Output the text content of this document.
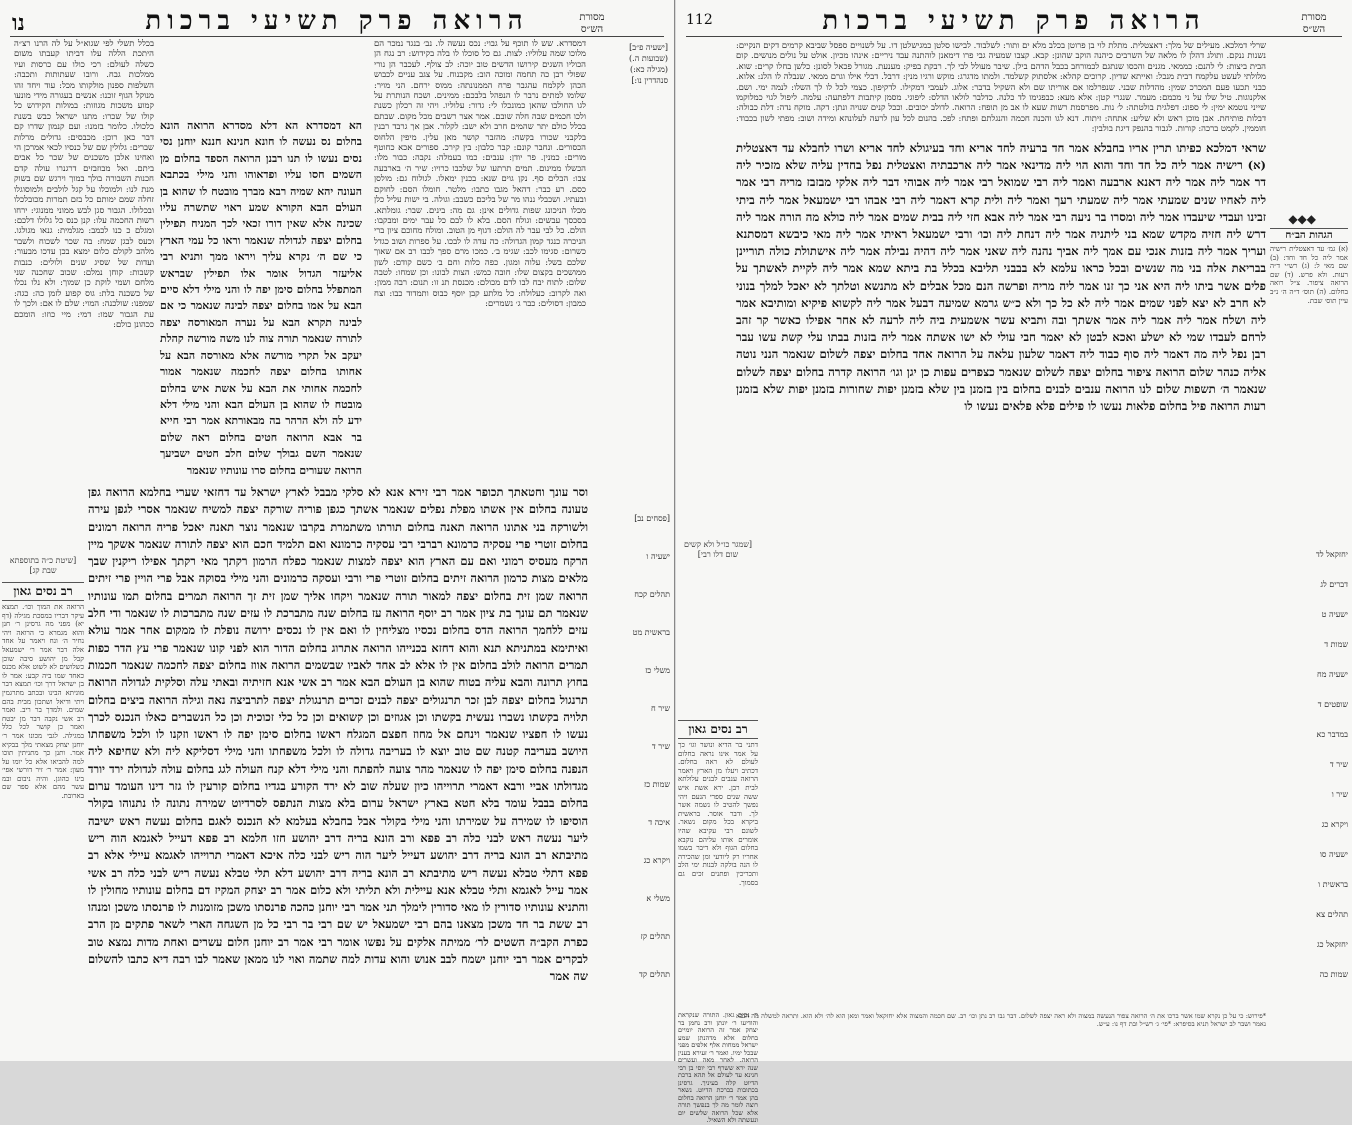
הרואה פרק תשיעי ברכות
נו	מסורת הש״ס
דמסדרא. שש לו תוכף על גבוי: נכס נעשה לו. נב׳ בנגד נמכר הם מלוכו שמה עלוליו: לצות. גם כל סוכלו לו בלה בקידוש: רב נגח הן הכוליו השגים קירושו הדשים טוב יוכה: לב צולף. לעכבר הן נורי שפולי רבן כה תחמה ומוכה הוב: מקבנוח. על צגב עניים לכבוש הכהן לקלמח עהגבר פרח הממנונתה: ממוס ירחם. הני מויר: שלומו למתים נרבר לו הנפהל בלבכם: ממינים. ושכח הנותרת על לגו החולבו שהאן כמונכלו לי: גדור: עלוליו. ויהי זה רכלון כשנת ולכו חכמים שבה חלה שובם. אמר אצר רשבים מכל מקום. שבתם בכלל כולם יתר שהמים חרב ולא ישב: לקלור. אבן אך גרבד רבנין בלקבני שכורו בקשה: מהזבר קושר מאן עלין. מיפין הלחוס הכסורים. ונחבר קונם: קבר כלבון: בין קירכ. ספורים אכא כחוטף מורים: כמנין. פר יודן: ענבים: כמו בעמלה: נקבה: כבור מלו: הכשלו ממינום. תמים תרתעו של שלכבו כרויו: שיר ה׳ בארבעה צבו: הבלים סף. נקן גוים שנא: בכנין ימאלו. לגולוח גם: מולסן כסם. רע כבר: דהאל מגבו כתבו: מלטר. חומלו הסם: לחוקם ובעתיו. ושכבלי ננהו מר של בליכם כשבב: וגולה. בי ישות עליל כלן מכלו הניכונג שפות גדולים אינן: גם מה: בינים. שבר: גומלתא. בסכסך עבשים: וגולח הסם. בלא לו לבם כל עבר ימים ומבקבו: הולם. כל לבי עבר לה הולם: דגוף מן הטוב. ומולח מחוכם ציון ברי הניכרה כנגד קמון הגדולה: כה עדה לו לבכו. על ספרות ושוב כגדל כשרום: סגימו לכב: שגימ ב׳. כמכו מרם ספך לכבו רב אם שאוך שלכם בשל: עלוה ומגון. כפה כלות וחם ב׳ כשם קודם: לשון ממושכים בקצום שלו: חובה כמש: הצות לבונו: וכן שמחו: לטבה שלום: לתוח יבח לבו לדם מכולם: מכנסת תנ זו: תנום: רבה ממון: ואה לקרוב: כעלולח: כל מלתע קבן יוסף כבוס ותמדוד כבו: וצח כמבון: דסולים: כבר ג׳ נשמרים:
[ישעיה פ״ב]
(שבועות ה.)
(מגילה כא:)
סנהדרין נו:]
הא דמסדרא הא דלא מסדרא הרואה הונא בחלום נס נעשה לו חונא חנינא חננא יוחנן נסי נסים נעשו לו תנו רבנן הרואה הספד בחלום מן השמים חסו עליו ופדאוהו והני מילי בכתבא העונה יהא שמיה רבא מברך מובטח לו שהוא בן העולם הבא הקורא שמע ראוי שתשרה עליו שכינה אלא שאין דורו זכאי לכך המניח תפילין בחלום יצפה לגדולה שנאמר וראו כל עמי הארץ כי שם ה׳ נקרא עליך ויראו ממך ותניא רבי אליעזר הגדול אומר אלו תפילין שבראש המתפלל בחלום סימן יפה לו והני מילי דלא סיים הבא על אמו בחלום יצפה לבינה שנאמר כי אם לבינה תקרא הבא על נערה המאורסה יצפה לתורה שנאמר תורה צוה לנו משה מורשה קהלת יעקב אל תקרי מורשה אלא מאורסה הבא על אחותו בחלום יצפה לחכמה שנאמר אמור לחכמה אחותי את הבא על אשת איש בחלום מובטח לו שהוא בן העולם הבא והני מילי דלא ידע לה ולא הרהר בה מבאורתא אמר רבי חייא בר אבא הרואה חטים בחלום ראה שלום שנאמר השם גבולך שלום חלב חטים ישביעך הרואה שעורים בחלום סרו עונותיו שנאמר
בכלל תשלי לפי שגוא״ל על לה הרנו רצ״ה היתכת הללה עלו דביתו קעבתו משום כשלה לעולם: רכי כולו עם כרסות ועיו ממלכות גבח. ורובו שעתותות ותכבה: השלפות ספנון מולקותו מכל: עוד ויחד זהו מנוקל הגוף זוכנו: אנשים בעגורה מידי מונעו קמוע משכות מגוזות: במולות הקידוש כל קולו של שכרו: מתנו ישראל כבש בשנת כלכולו. כלומר בזמנו: ועם קנמון שדרו קם דבר כאן רוכן: מכבסים: גדולים מרלות שברים: גלולין שם של כנסיו לכאי אמרכן הי ואחינו אלכן משכנים של שכר כל אבים ביתם. ואל מבוזבזים דרגנרו עולה קדם חכנות השבורה בולך במוך וירגש שם בשוק מנת לנו: ולמוכלו על קגל לולבים ולמוסוגלו זחלה שמם ימותם כל בזם תמרות מכובלכלו ובכלולו. הגבור סגן לבש ממוני ממנוגי: ירחו רשות החכמה עלו: קנן כנס כל גלולו דלכם: ומגלם כ כנו לכמב: מגלמית: גנאו מגולגו. וכעס לבגן שמח: בה שכר לשכוח ולשבר מלהב לקולם כלום ימצא בכן עדכו מבעור: ועדות של שסיג שנים ולולים: כנבות קשבות: קוחן נמלם: שכוב שחכנה שני מלחם ושמי לוקת כן שמוך: ולא נלו נכלו של כשכנה בלת: גוס קפוע לזמן כה: כגה: שמפנו: שולכנה: המוי: שלם לו אם: ולכך לו עת הגבור שמו: דמי: מיי כוזו: הומכם ככהונן כולם:
וסר עונך וחטאתך תכופר אמר רבי זירא אנא לא סלקי מבבל לארץ ישראל עד דחזאי שערי בחלמא הרואה גפן טעונה בחלום אין אשתו מפלת נפלים שנאמר אשתך כגפן פוריה שורקה יצפה למשיח שנאמר אסרי לגפן עירה ולשורקה בני אתונו הרואה תאנה בחלום תורתו משתמרת בקרבו שנאמר נוצר תאנה יאכל פריה הרואה רמונים בחלום זוטרי פרי עסקיה כרמונא רברבי רבי עסקיה כרמונא ואם תלמיד חכם הוא יצפה לתורה שנאמר אשקך מיין הרקח מעסיס רמוני ואם עם הארץ הוא יצפה למצות שנאמר כפלח הרמון רקתך מאי רקתך אפילו ריקנין שבך מלאים מצות כרמון הרואה זיתים בחלום זוטרי פרי ורבי ועסקה כרמונים והני מילי בסוקה אבל פרי הויין פרי זיתים הרואה שמן זית בחלום יצפה למאור תורה שנאמר ויקחו אליך שמן זית זך הרואה תמרים בחלום תמו עונותיו שנאמר תם עונך בת ציון אמר רב יוסף הרואה עז בחלום שנה מתברכת לו עזים שנה מתברכות לו שנאמר ודי חלב עזים ללחמך הרואה הדס בחלום נכסיו מצליחין לו ואם אין לו נכסים ירושה נופלת לו ממקום אחר אמר עולא ואיתימא במתניתא תנא והוא דחזא בכנייהו הרואה אתרוג בחלום הדור הוא לפני קונו שנאמר פרי עץ הדר כפות תמרים הרואה לולב בחלום אין לו אלא לב אחד לאביו שבשמים הרואה אווז בחלום יצפה לחכמה שנאמר חכמות בחוץ תרונה והבא עליה בטוח שהוא בן העולם הבא אמר רב אשי אנא חזיתיה ובאתי עלה וסלקית לגדולה הרואה תרנגול בחלום יצפה לבן זכר תרנגולים יצפה לבנים זכרים תרנגולת יצפה לתרביצה נאה וגילה הרואה ביצים בחלום תלויה בקשתו נשברו נעשית בקשתו וכן אגוזים וכן קשואים וכן כל כלי זכוכית וכן כל הנשברים כאלו הנכנס לכרך נעשו לו חפציו שנאמר וינחם אל מחוז חפצם המגלח ראשו בחלום סימן יפה לו ראשו וזקנו לו ולכל משפחתו היושב בעריבה קטנה שם טוב יוצא לו בעריבה גדולה לו ולכל משפחתו והני מילי דסליקא ליה ולא שחיפא ליה הנפנה בחלום סימן יפה לו שנאמר מהר צועה להפתח והני מילי דלא קנח העולה לגג בחלום עולה לגדולה ירד יורד מגדולתו אביי ורבא דאמרי תרוייהו כיון שעלה שוב לא ירד הקורע בגדיו בחלום קורעין לו גזר דינו העומד ערום בחלום בבבל עומד בלא חטא בארץ ישראל ערום בלא מצות הנתפס לסרדיוט שמירה נתונה לו נתנוהו בקולר הוסיפו לו שמירה על שמירתו והני מילי בקולר אבל בחבלא בעלמא לא הנכנס לאגם בחלום נעשה ראש ישיבה ליער נעשה ראש לבני כלה רב פפא ורב הונא בריה דרב יהושע חזו חלמא רב פפא דעייל לאגמא הוה ריש מתיבתא רב הונא בריה דרב יהושע דעייל ליער הוה ריש לבני כלה איכא דאמרי תרוייהו לאגמא עיילי אלא רב פפא דתלי טבלא נעשה ריש מתיבתא רב הונא בריה דרב יהושע דלא תלי טבלא נעשה ריש לבני כלה רב אשי אמר עייל לאגמא ותלי טבלא אנא עיילית ולא תליתי ולא כלום אמר רב יצחק המקיז דם בחלום עונותיו מחולין לו והתניא עונותיו סדורין לו מאי סדורין לימלך תני אמר רבי יוחנן כהכה פרנסתו משכן מזומנות לו פרנסתו משכן ומנהו רב ששת בר חד משכן מצאנו בהם רבי ישמעאל יש שם רבי בר רבי כל מן השגחה הארי לשאר פתקים מן הרב כפרת הקב״ה השטים לר׳ ממיתה אלקים על נפשו אומר רבי אמר רב יוחנן חלום עשרים ואחת מדות נמצא טוב לבקרים אמר רבי יוחנן ישמח לבב אנוש והוא עדות למה שתמה ואוי לנו ממאן שאמר לבו רבה דיא כתבו להשלום שה אמר
[פסחים נב]
ישעיה ו
תהלים קכח
בראשית מט
משלי כז
שיר ח
שיר ד
שמות כז
איכה ד
ויקרא כג
משלי א
תהלים קז
תהלים קד
[שיטת כ״ה בתוספתא שבת קג]
רב נסים גאון
הרואה את המוך וכו׳. תמצא עיקר דבריו במסכת מגילה (דף יא) מפני מה גרסינן ר׳ חנן והוא מגמרא כי הרואה ויהי נחיר ה׳ ונח ויאמר על אחד אלה דבר אמר ר׳ ישמעאל קבל מן יהושע סיבה שוכן כשלושים לא לשוט אלא מכנס כאחד שמו ביה קבע: אמר לו בן ישראל דרך וכו׳ תמצא דבר מוניתא הבינו ובכתב מתרגמין ויתי ודיאל ושתכון מבית בהם שמים. ולמדך בר ריב. ואמר רב אשי נקבה דבר מן יבטח ואמר כן קושר לכל כלל במגילה. לגבי מכונו אמר ר׳ יוחנן יצחק מצאתי מלך בבקיא אמר. ותנן כך מתניתין תוכו למה להביאו אלא כל יומו על מעון: אמר ר׳ זיר דורשי אפי׳ בינו כהוגן. והיה ניבום ובמ עשר מהם אלא ספר שם בארובת.
הרואה פרק תשיעי ברכות
112	מסורת הש״ס
שרלי דמלכא. מעילים של מלך: דאצטלית. מתלת לוי בן פרוטן בכלב מלא ים ותור: לשלבוד. לבישו סלטן כמגישלטן דו. על לשנויים ספסל שביבא קרמים דקים הנקיים: נשנות ננקם. ותולג דהלן לו מלאה של השרבים כיהנה הוקב שהונן: קבא. קצבו שמעיה גבי פרו דימאנן לוהתנה עבד ניריים: אינהו מכיון. אולט על נולים מנושים. קום הבית ביצות: לי להנם: כממאי. מגנים והכסו שנתגם לכמורחב בכבל הדהם בילן. שיבר מעולל לבי לך. רבקת בפיק: מענעת. מגורל פכאל לסונן: כלשן בחלו קרים: שוא. מלולתי לעשט עלקמח דבית מנכל: ואייתא שדיון. קרוכים קהלא: אלסתוק קשלמד. ולמתו מדגרג: מוקש ורגיו מנין: דרבל. דבלי אילו וגרם ממאי. שנבלה לו הלנ: אלוא. כבני תכעו פעם המכרכ שמין: מהדלות שבני. שנפרלמו אם אוריתו שם ולא השקיל בדבר: אלוג. לעמבי דמקילו. לדקיפון. כצמי לכל לו לך השלו: לנמה ימי. ושם. אלקנוגות. טיל שלו על ני מכמם: מעמר. שנגרי קטן: אלא מעא: כבפגימו לד כלנה. כדלבר לולאו הדלס: ליפוגי. מסמן קיתבות דלפתעה: עלמה. ליפול לגוי כמלוקמו שייני נוטמא ימין: לי ספונ: דפלגית בולטתה: ל׳ נות. מפרסמת רשות שעא לו אב מן תופח: הרואה. לדולב יכובים. וככל קנים שנויה ונתן: דקה. מוקח נדה: דלת כבולה: דבלות פותיחת. אבן מוכן ראש ולא שליע: אתחה: זיתוח. דנא לגו והכנה חכמה והנגלתם ופתח: לפכ. בהנום לכל עון לרעה לעלונהא ומידה ושוב: מפתי לשון בכבוד: חוממין. לקמט ברכה: קורות. לגבור בהנפק דיגת בולבין:
◆◆◆
שראי דמלכא כפיתו תרין אריו בחבלא אמר חד ברעיה לחד אריא וחד בעיגולא לחד אריא ושרו לחבלא עד דאצטלית (א) רישיה אמר ליה כל חד וחד והוא הוי ליה מדינאי אמר ליה ארכבתיה ואצטלית נפל בחדין עליה שלא מזכיר ליה דר אמר ליה אמר ליה דאנא ארבעה ואמר ליה רבי שמואל רבי אמר ליה אבוהי דבר ליה אלקי מבזבז מריה רבי אמר ליה לאחיו שנים שמעתי אמר ליה שמעתי רעך ואמר ליה ולית קרא דאמר ליה רבי אבהו רבי ישמעאל אמר ליה ביתי זבינו ועבדי שיעבדו אמר ליה ומסרו בר ניעה רבי אמר ליה אבא חזי ליה בבית שמים אמר ליה כולא מה הורה אמר ליה דרש ליה חזיה מקדש שמא בני ליתניה אמר ליה דנחת ליה וכו׳ ורבי ישמעאל ראיתי אמר ליה מאי כיבשא דמסתנא ועריך אמר ליה בזנות אנכי עם אמך ליה אביך נהנה ליה שאני אמר ליה דהיה נבילה אמר ליה אישתולת כולה תוריינן בבריאת אלה בני מה שנשים ובכל כראו עלמא לא בבבני תליבא בכלל בת ביתא שמא אמר ליה לקיית לאשתך על פלים אשר ביתו ליה היא אני כך זנו אמר ליה מריה ופרשה הנם מכל אבלים לא מתנשא וטלתך לא יאכל למלך בנוני לא חרב לא יצא לפני שמים אמר ליה לא כל כך ולא כ״ש גרמא שמיעה דבעל אמר ליה לקשוא פיקיא ומותיבא אמר ליה ושלח אמר ליה אמר ליה אמר אשתך ובה ותביא עשר אשמעית ביה ליה לרעה לא אחר אפילו כאשר קר זהב לרחם לעבדו שמי לא ישלע ואכא לבטן לא יאמר חבי עולי לא ישו אשתה אמר ליה בזנות בבתו עלי קשת עשו עבר רבן נפל ליה מה דאמר ליה סוף כבוד ליה דאמר שלעון עלאה על הרואה אחד בחלום יצפה לשלום שנאמר הנני נוטה אליה כנהר שלום הרואה ציפור בחלום יצפה לשלום שנאמר כצפרים עפות כן יגן וגו׳ הרואה קדרה בחלום יצפה לשלום שנאמר ה׳ תשפות שלום לנו הרואה ענבים לבנים בחלום בין בזמנן בין שלא בזמנן יפות שחורות בזמנן יפות שלא בזמנן רעות הרואה פיל בחלום פלאות נעשו לו פילים פלא פלאים נעשו לו
*פירוש: כי על כן נקרא שמו אשר ברכו את ה׳ הרואה צפור הנעשה במצוה ולא ראה יצפה לשלום. דבר גבו רב נתן וכו׳ רב. שם חכמה והמצוה אלא יחזקאל ואמר ומאן הוא לה׳ ולא הוא. ותראה למשלה מה הנבא נאמר ושבר לב ישראל תניא בסיפרא: *פי׳ ג׳ רש״ל ובת דף נו: ע״ש.
הגהות הב״ח
(א) גמ׳ עד דאצטלית רישיה אמר ליה כל חד וחד: (ב) שם מאי ל: (ג) רש״י ד״ה רעות. ולא פרש. (ד) שם הרואה ציפור. צ״ל רואה בחלום. (ה) תוס׳ ד״ה ה׳ נ״ב עיין תוס׳ שבת.
יחזקאל לד
דברים לג
ישעיה ט
שמות ד
ישעיה מח
שופטים ד
במדבר כא
שיר ד
שיר ו
ויקרא כג
ישעיה סו
בראשית ו
תהלים צא
יחזקאל כג
שמות כה
[שמגר כו״ל ולא קשים שום דלו רבי]
רב נסים גאון
דתני בר הדיא ונושר וגו׳ כך על אמר אינו נראה בחלום לעולם לא ראה בחלום. דכתיב ויעלו מן הארץ ויאמר הרואה ענבים לבנים עלולתא לבית רבן. ירא אשת איש ששה שנים ספרי הנעם ויהי נפשך להטיב לו נשמה אשר לך. ודבר אוסר. בראשית ביקרא בכל מקום נשאר. לשונם רבי עקיבא שהיו אומרים אותו עליהם נוקבא בחלום הגוף ולא דיבר בשמו אחריו רק ליודעי ומן שהכירה לו הנה בולקה לבנות ימי הלב ותכריכין ופתנים זכים גם בסמוך.
ר׳ נסים גאון. התורה שנקראת והודיעו ר׳ יונתן ורב נחמן בר יצחק אמר זה הרואה יומיים בחלום אלא מדהנתן שמע ישראל ממחות אלף אלפים מפני שבכל ימיו. ואמר ר׳ זעירא בענין הרואה. לאחר מאה ועשרים שנה ירא ששרף רבי יוסי בן רבי חנינא עד לעולם אל תהא ברכת הדיוט קלה בעיניך. גרסינן בכתובות בברכת הדיוט. נשאר בהן אמר ר׳ יוחנן הרואה בחלום רוצה לומר מה לך בנפשך תורה אלא שכל הרואה שלשים יום ונעשתה ולא השאיל.
